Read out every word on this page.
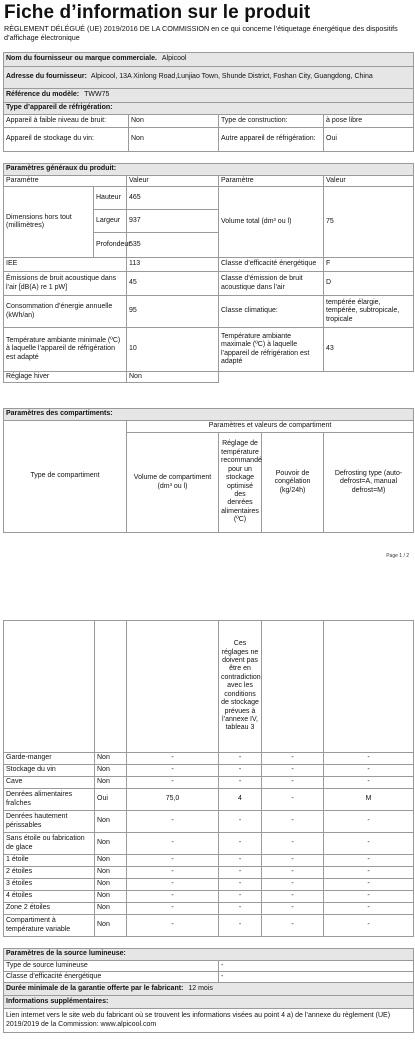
Fiche d’information sur le produit
RÈGLEMENT DÉLÉGUÉ (UE) 2019/2016 DE LA COMMISSION en ce qui concerne l’étiquetage énergétique des dispositifs d’affichage électronique
Nom du fournisseur ou marque commerciale. Alpicool			
Adresse du fournisseur: Alpicool, 13A Xinlong Road,Lunjiao Town, Shunde District, Foshan City, Guangdong, China			
Référence du modèle: TWW75			
Type d’appareil de réfrigération:			
Appareil à faible niveau de bruit:	Non	Type de construction:	à pose libre
Appareil de stockage du vin:	Non	Autre appareil de réfrigération:	Oui
Paramètres généraux du produit:				
Paramètre		Valeur	Paramètre	Valeur
Dimensions hors tout (millimètres)	Hauteur	465	Volume total (dm³ ou l)	75
	Largeur	937		
	Profondeur	535		
IEE		113	Classe d’efficacité énergétique	F
Émissions de bruit acoustique dans l’air [dB(A) re 1 pW]		45	Classe d’émission de bruit acoustique dans l’air	D
Consommation d’énergie annuelle (kWh/an)		95	Classe climatique:	tempérée élargie, tempérée, subtropicale, tropicale
Température ambiante minimale (ºC) à laquelle l’appareil de réfrigération est adapté		10	Température ambiante maximale (ºC) à laquelle l’appareil de réfrigération est adapté	43
Réglage hiver		Non		
Paramètres des compartiments:				
Type de compartiment	Paramètres et valeurs de compartiment			
	Volume de compartiment (dm³ ou l)	Réglage de température recommandé pour un stockage optimisé des denrées alimentaires (ºC)	Pouvoir de congélation (kg/24h)	Defrosting type (auto-defrost=A, manual defrost=M)
Page 1 / 2
			Ces réglages ne doivent pas être en contradiction avec les conditions de stockage prévues à l’annexe IV, tableau 3		
Garde-manger	Non	-	-	-	-
Stockage du vin	Non	-	-	-	-
Cave	Non	-	-	-	-
Denrées alimentaires fraîches	Oui	75,0	4	-	M
Denrées hautement périssables	Non	-	-	-	-
Sans étoile ou fabrication de glace	Non	-	-	-	-
1 étoile	Non	-	-	-	-
2 étoiles	Non	-	-	-	-
3 étoiles	Non	-	-	-	-
4 étoiles	Non	-	-	-	-
Zone 2 étoiles	Non	-	-	-	-
Compartiment à température variable	Non	-	-	-	-
Paramètres de la source lumineuse:	
Type de source lumineuse	-
Classe d’efficacité énergétique	-
Durée minimale de la garantie offerte par le fabricant: 12 mois	
Informations supplémentaires:	
Lien internet vers le site web du fabricant où se trouvent les informations visées au point 4 a) de l’annexe du règlement (UE) 2019/2019 de la Commission: www.alpicool.com	
